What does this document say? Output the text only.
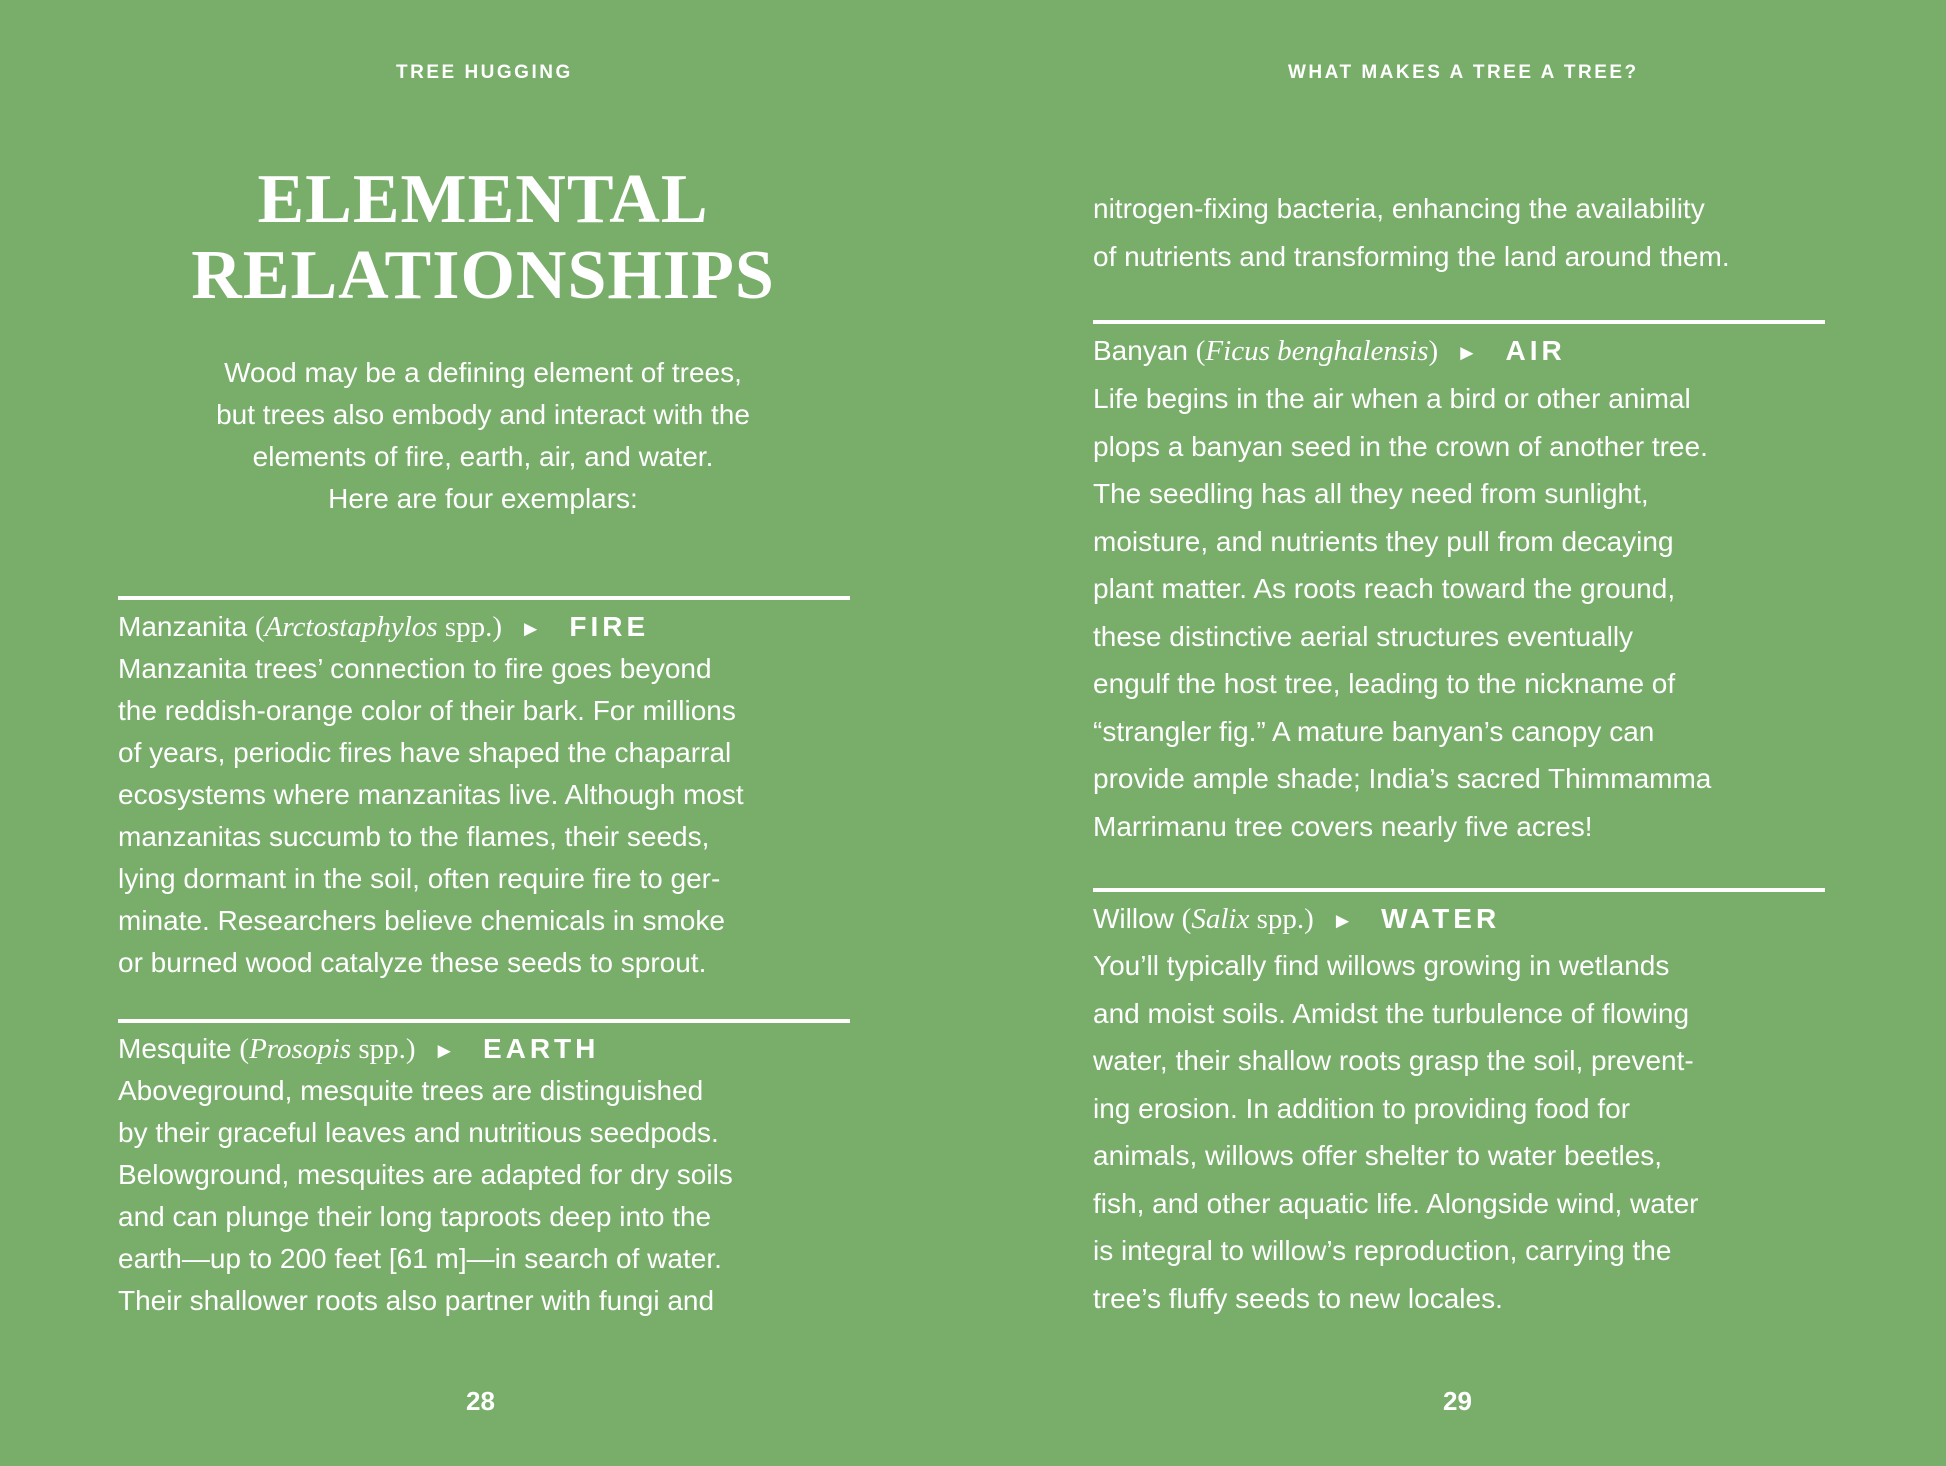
TREE HUGGING
ELEMENTAL
RELATIONSHIPS
Wood may be a defining element of trees,
but trees also embody and interact with the
elements of fire, earth, air, and water.
Here are four exemplars:
Manzanita (Arctostaphylos spp.) ► FIRE
Manzanita trees’ connection to fire goes beyond
the reddish-orange color of their bark. For millions
of years, periodic fires have shaped the chaparral
ecosystems where manzanitas live. Although most
manzanitas succumb to the flames, their seeds,
lying dormant in the soil, often require fire to ger-
minate. Researchers believe chemicals in smoke
or burned wood catalyze these seeds to sprout.
Mesquite (Prosopis spp.) ► EARTH
Aboveground, mesquite trees are distinguished
by their graceful leaves and nutritious seedpods.
Belowground, mesquites are adapted for dry soils
and can plunge their long taproots deep into the
earth—up to 200 feet [61 m]—in search of water.
Their shallower roots also partner with fungi and
28
WHAT MAKES A TREE A TREE?
nitrogen-fixing bacteria, enhancing the availability
of nutrients and transforming the land around them.
Banyan (Ficus benghalensis) ► AIR
Life begins in the air when a bird or other animal
plops a banyan seed in the crown of another tree.
The seedling has all they need from sunlight,
moisture, and nutrients they pull from decaying
plant matter. As roots reach toward the ground,
these distinctive aerial structures eventually
engulf the host tree, leading to the nickname of
“strangler fig.” A mature banyan’s canopy can
provide ample shade; India’s sacred Thimmamma
Marrimanu tree covers nearly five acres!
Willow (Salix spp.) ► WATER
You’ll typically find willows growing in wetlands
and moist soils. Amidst the turbulence of flowing
water, their shallow roots grasp the soil, prevent-
ing erosion. In addition to providing food for
animals, willows offer shelter to water beetles,
fish, and other aquatic life. Alongside wind, water
is integral to willow’s reproduction, carrying the
tree’s fluffy seeds to new locales.
29
